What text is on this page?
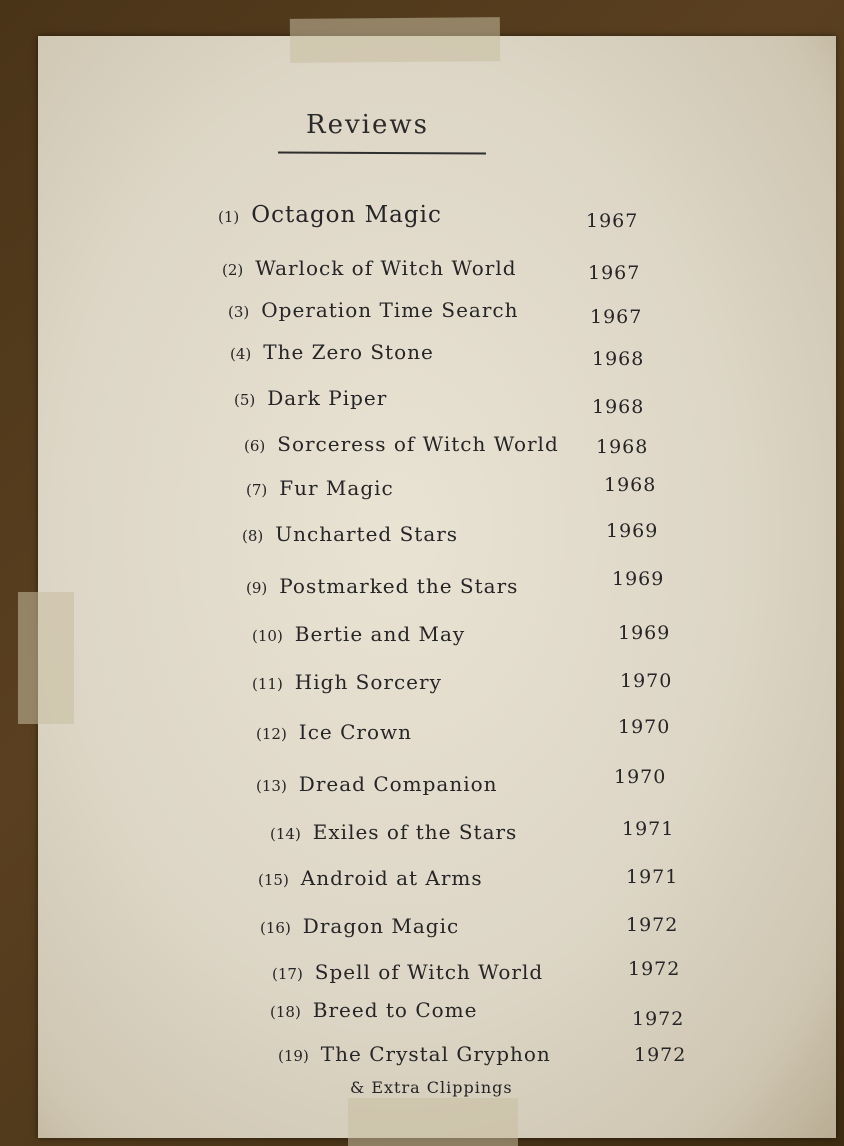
Reviews
(1) Octagon Magic	1967
(2) Warlock of Witch World	1967
(3) Operation Time Search	1967
(4) The Zero Stone	1968
(5) Dark Piper	1968
(6) Sorceress of Witch World 1968
(7) Fur Magic	1968
(8) Uncharted Stars	1969
(9) Postmarked the Stars	1969
(10) Bertie and May	1969
(11) High Sorcery	1970
(12) Ice Crown	1970
(13) Dread Companion	1970
(14) Exiles of the Stars	1971
(15) Android at Arms	1971
(16) Dragon Magic	1972
(17) Spell of Witch World	1972
(18) Breed to Come	1972
(19) The Crystal Gryphon	1972
& Extra Clippings
